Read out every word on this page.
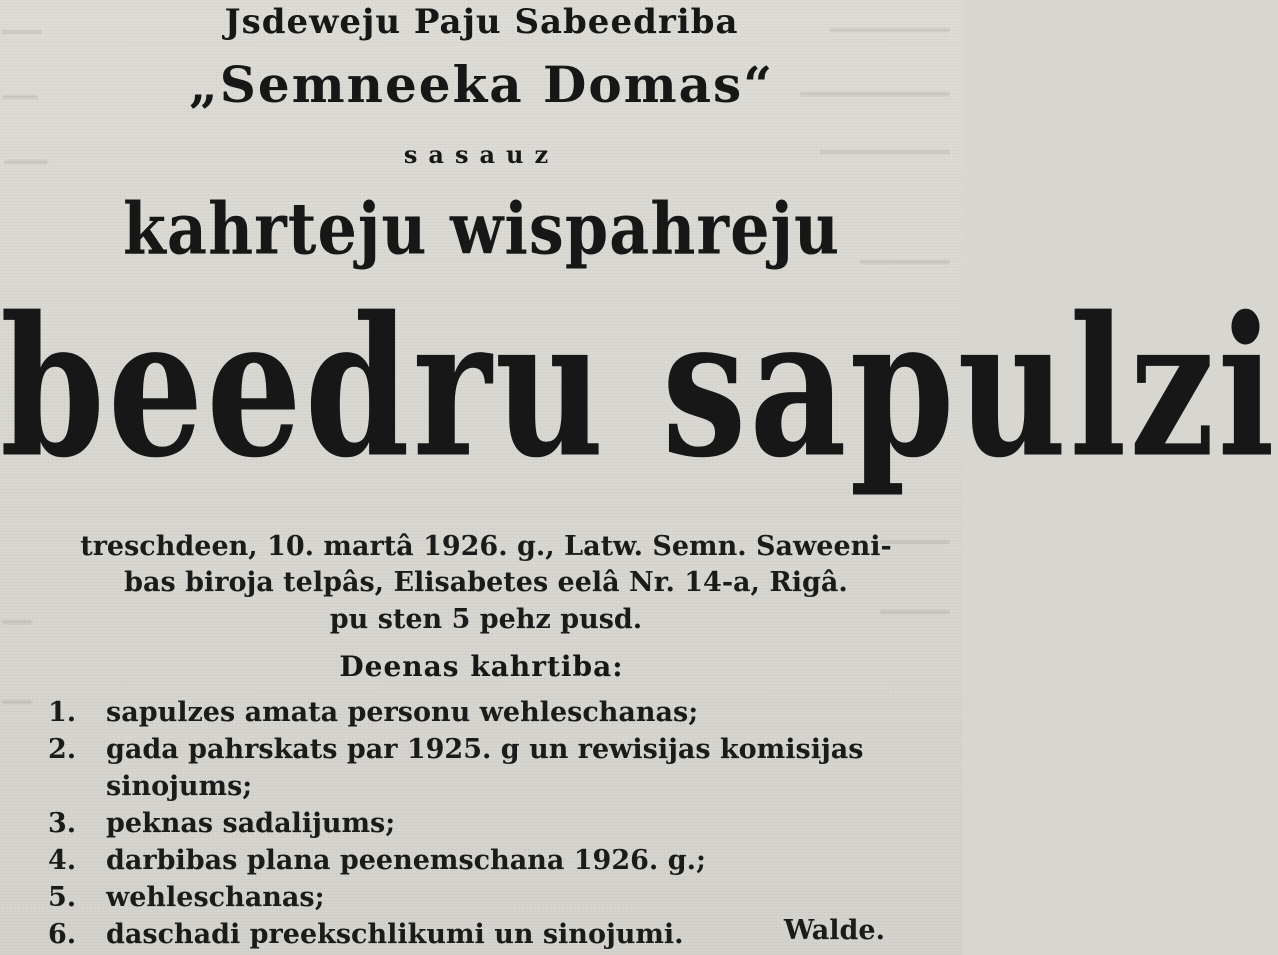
Jsdeweju Paju Sabeedriba
„Semneeka Domas“
sasauz
kahrteju wispahreju
beedru sapulzi
treschdeen, 10. martâ 1926. g., Latw. Semn. Saweeni-
bas biroja telpâs, Elisabetes eelâ Nr. 14-a, Rigâ.
pu sten 5 pehz pusd.
Deenas kahrtiba:
1. sapulzes amata personu wehleschanas;
2. gada pahrskats par 1925. g un rewisijas komisijas sinojums;
3. peknas sadalijums;
4. darbibas plana peenemschana 1926. g.;
5. wehleschanas;
6. daschadi preekschlikumi un sinojumi.	Walde.
